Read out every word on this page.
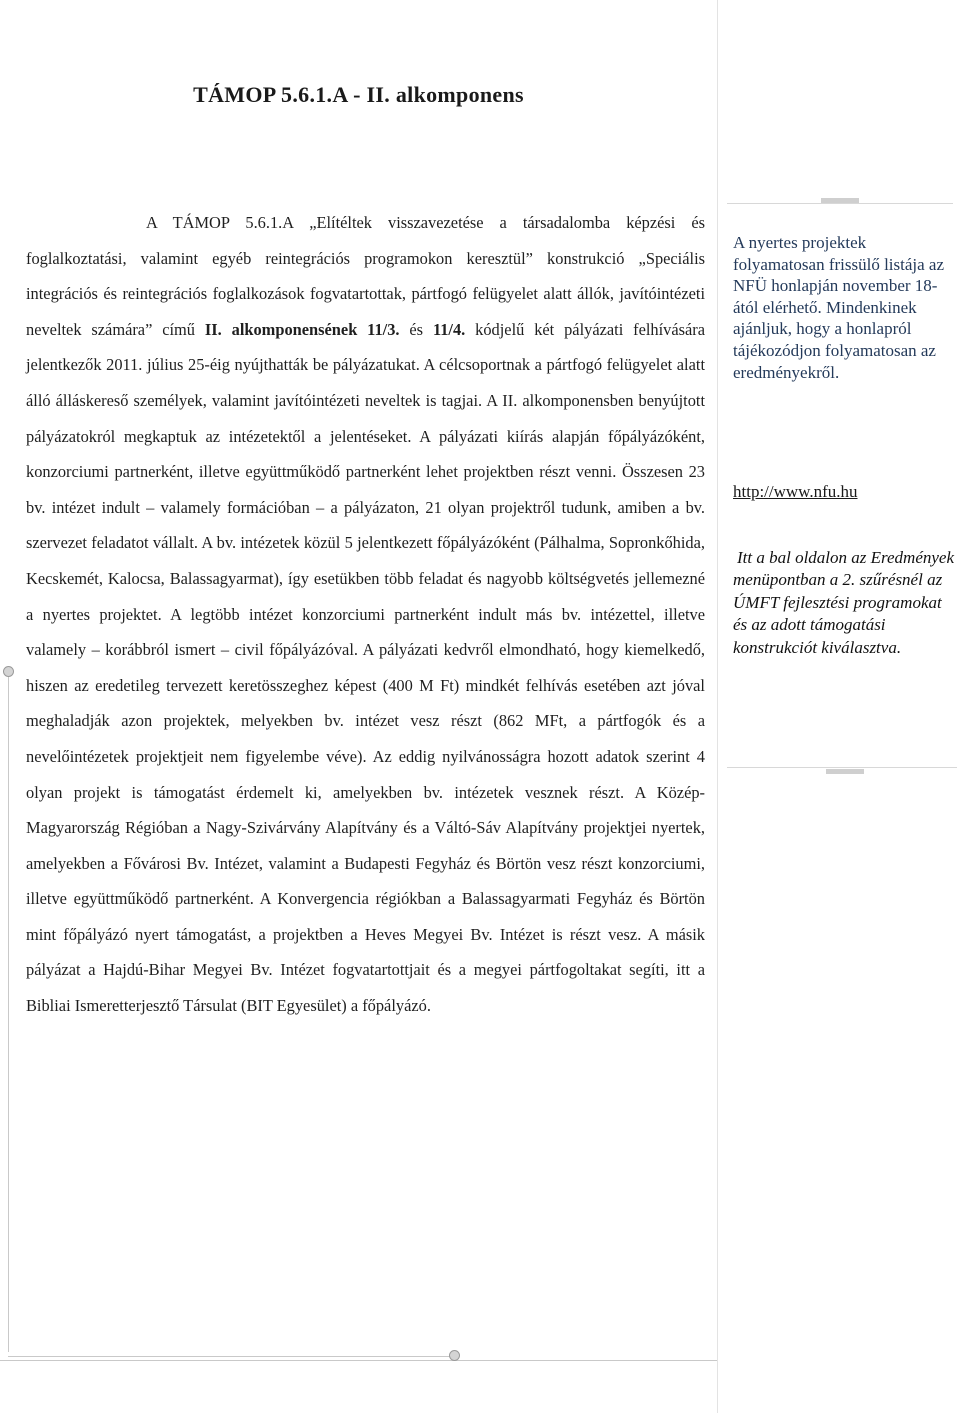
TÁMOP 5.6.1.A - II. alkomponens

A TÁMOP 5.6.1.A „Elítéltek visszavezetése a társadalomba képzési és foglalkoztatási, valamint egyéb reintegrációs programokon keresztül” konstrukció „Speciális integrációs és reintegrációs foglalkozások fogvatartottak, pártfogó felügyelet alatt állók, javítóintézeti neveltek számára” című II. alkomponensének 11/3. és 11/4. kódjelű két pályázati felhívására jelentkezők 2011. július 25-éig nyújthatták be pályázatukat. A célcsoportnak a pártfogó felügyelet alatt álló álláskereső személyek, valamint javítóintézeti neveltek is tagjai. A II. alkomponensben benyújtott pályázatokról megkaptuk az intézetektől a jelentéseket. A pályázati kiírás alapján főpályázóként, konzorciumi partnerként, illetve együttműködő partnerként lehet projektben részt venni. Összesen 23 bv. intézet indult – valamely formációban – a pályázaton, 21 olyan projektről tudunk, amiben a bv. szervezet feladatot vállalt. A bv. intézetek közül 5 jelentkezett főpályázóként (Pálhalma, Sopronkőhida, Kecskemét, Kalocsa, Balassagyarmat), így esetükben több feladat és nagyobb költségvetés jellemezné a nyertes projektet. A legtöbb intézet konzorciumi partnerként indult más bv. intézettel, illetve valamely – korábbról ismert – civil főpályázóval. A pályázati kedvről elmondható, hogy kiemelkedő, hiszen az eredetileg tervezett keretösszeghez képest (400 M Ft) mindkét felhívás esetében azt jóval meghaladják azon projektek, melyekben bv. intézet vesz részt (862 MFt, a pártfogók és a nevelőintézetek projektjeit nem figyelembe véve). Az eddig nyilvánosságra hozott adatok szerint 4 olyan projekt is támogatást érdemelt ki, amelyekben bv. intézetek vesznek részt. A Közép-Magyarország Régióban a Nagy-Szivárvány Alapítvány és a Váltó-Sáv Alapítvány projektjei nyertek, amelyekben a Fővárosi Bv. Intézet, valamint a Budapesti Fegyház és Börtön vesz részt konzorciumi, illetve együttműködő partnerként. A Konvergencia régiókban a Balassagyarmati Fegyház és Börtön mint főpályázó nyert támogatást, a projektben a Heves Megyei Bv. Intézet is részt vesz. A másik pályázat a Hajdú-Bihar Megyei Bv. Intézet fogvatartottjait és a megyei pártfogoltakat segíti, itt a Bibliai Ismeretterjesztő Társulat (BIT Egyesület) a főpályázó.

A nyertes projektek folyamatosan frissülő listája az NFÜ honlapján november 18-ától elérhető. Mindenkinek ajánljuk, hogy a honlapról tájékozódjon folyamatosan az eredményekről.

http://www.nfu.hu

Itt a bal oldalon az Eredmények menüpontban a 2. szűrésnél az ÚMFT fejlesztési programokat és az adott támogatási konstrukciót kiválasztva.
